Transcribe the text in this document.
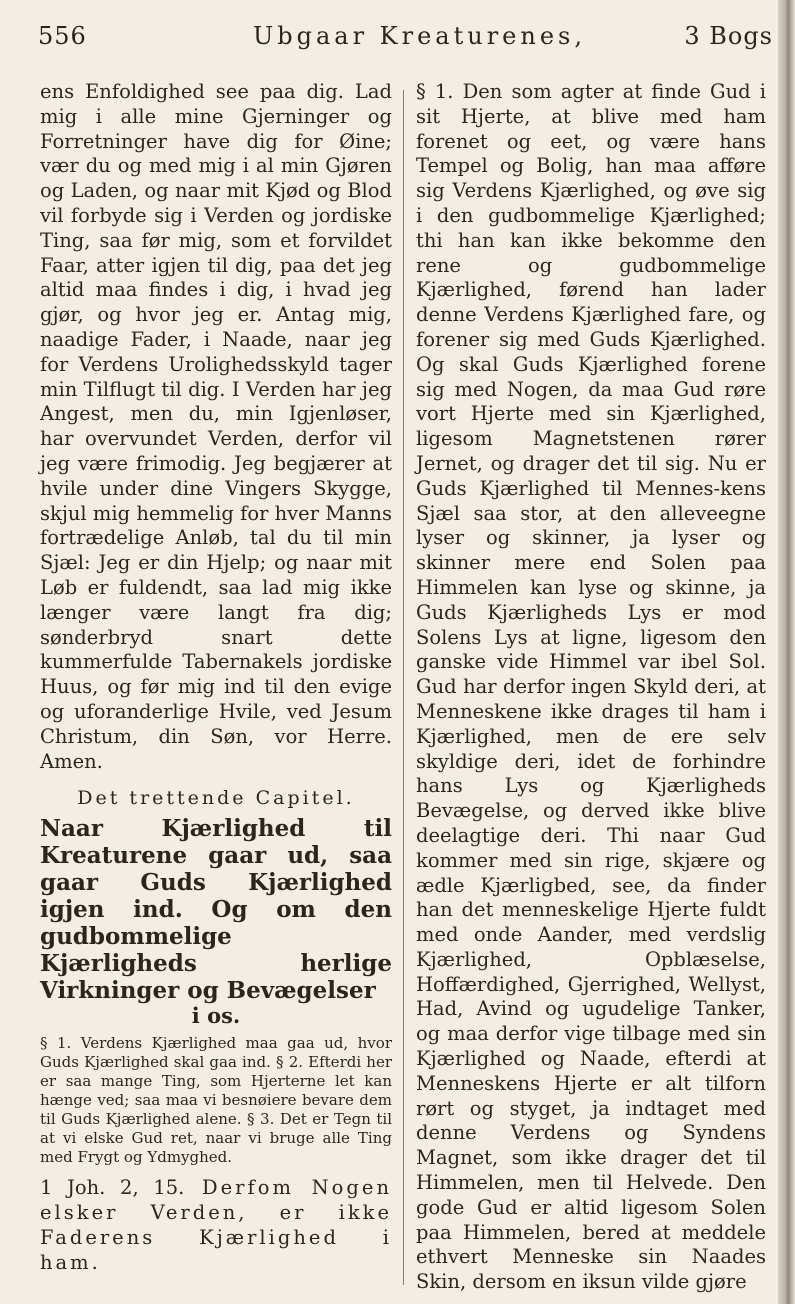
556	Ubgaar Kreaturenes,	3 Bogs

ens Enfoldighed see paa dig. Lad mig i alle mine Gjerninger og Forretninger have dig for Øine; vær du og med mig i al min Gjøren og Laden, og naar mit Kjød og Blod vil forbyde sig i Verden og jordiske Ting, saa før mig, som et forvildet Faar, atter igjen til dig, paa det jeg altid maa findes i dig, i hvad jeg gjør, og hvor jeg er. Antag mig, naadige Fader, i Naade, naar jeg for Verdens Urolighedsskyld tager min Tilflugt til dig. I Verden har jeg Angest, men du, min Igjenløser, har overvundet Verden, derfor vil jeg være frimodig. Jeg begjærer at hvile under dine Vingers Skygge, skjul mig hemmelig for hver Manns fortrædelige Anløb, tal du til min Sjæl: Jeg er din Hjelp; og naar mit Løb er fuldendt, saa lad mig ikke længer være langt fra dig; sønderbryd snart dette kummerfulde Tabernakels jordiske Huus, og før mig ind til den evige og uforanderlige Hvile, ved Jesum Christum, din Søn, vor Herre. Amen.

Det trettende Capitel.

Naar Kjærlighed til Kreaturene gaar ud, saa gaar Guds Kjærlighed igjen ind. Og om den gudbommelige Kjærligheds herlige Virkninger og Bevægelser

i os.

§ 1. Verdens Kjærlighed maa gaa ud, hvor Guds Kjærlighed skal gaa ind. § 2. Efterdi her er saa mange Ting, som Hjerterne let kan hænge ved; saa maa vi besnøiere bevare dem til Guds Kjærlighed alene. § 3. Det er Tegn til at vi elske Gud ret, naar vi bruge alle Ting med Frygt og Ydmyghed.

1 Joh. 2, 15. Derfom Nogen elsker Verden, er ikke Faderens Kjærlighed i ham.

§ 1. Den som agter at finde Gud i sit Hjerte, at blive med ham forenet og eet, og være hans Tempel og Bolig, han maa afføre sig Verdens Kjærlighed, og øve sig i den gudbommelige Kjærlighed; thi han kan ikke bekomme den rene og gudbommelige Kjærlighed, førend han lader denne Verdens Kjærlighed fare, og forener sig med Guds Kjærlighed. Og skal Guds Kjærlighed forene sig med Nogen, da maa Gud røre vort Hjerte med sin Kjærlighed, ligesom Magnetstenen rører Jernet, og drager det til sig. Nu er Guds Kjærlighed til Mennes-kens Sjæl saa stor, at den alleveegne lyser og skinner, ja lyser og skinner mere end Solen paa Himmelen kan lyse og skinne, ja Guds Kjærligheds Lys er mod Solens Lys at ligne, ligesom den ganske vide Himmel var ibel Sol. Gud har derfor ingen Skyld deri, at Menneskene ikke drages til ham i Kjærlighed, men de ere selv skyldige deri, idet de forhindre hans Lys og Kjærligheds Bevægelse, og derved ikke blive deelagtige deri. Thi naar Gud kommer med sin rige, skjære og ædle Kjærligbed, see, da finder han det menneskelige Hjerte fuldt med onde Aander, med verdslig Kjærlighed, Opblæselse, Hoffærdighed, Gjerrighed, Wellyst, Had, Avind og ugudelige Tanker, og maa derfor vige tilbage med sin Kjærlighed og Naade, efterdi at Menneskens Hjerte er alt tilforn rørt og styget, ja indtaget med denne Verdens og Syndens Magnet, som ikke drager det til Himmelen, men til Helvede. Den gode Gud er altid ligesom Solen paa Himmelen, bered at meddele ethvert Menneske sin Naades Skin, dersom en iksun vilde gjøre
